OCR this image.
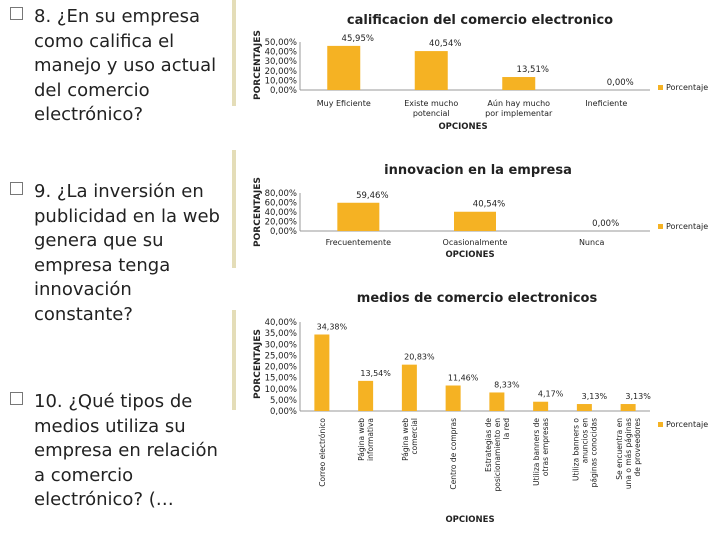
8. ¿En su empresa como califica el manejo y uso actual del comercio electrónico?
9. ¿La inversión en publicidad en la web genera que su empresa tenga innovación constante?
10. ¿Qué tipos de medios utiliza su empresa en relación a comercio electrónico? (…
calificacion del comercio electronico
PORCENTAJES
OPCIONES
0,00%
10,00%
20,00%
30,00%
40,00%
50,00%	45,95%
Muy Eficiente
40,54%
Existe mucho
potencial
13,51%
Aún hay mucho
por implementar
0,00%
Ineficiente
Porcentaje
innovacion en la empresa
PORCENTAJES
OPCIONES
0,00%
20,00%
40,00%
60,00%
80,00%	59,46%
Frecuentemente
40,54%
Ocasionalmente
0,00%
Nunca
Porcentaje
medios de comercio electronicos
PORCENTAJES
OPCIONES
0,00%
5,00%
10,00%
15,00%
20,00%
25,00%
30,00%
35,00%
40,00% 34,38%
Correo electrónico
13,54%
Página web informativa
20,83%
Página web comercial
11,46%
Centro de compras
8,33%
Estrategias de posicionamiento en la red
4,17%
Utiliza banners de otras empresas
3,13%
Utiliza banners o anuncios en páginas conocidas
3,13%
Se encuentra en una o más páginas de proveedores	Porcentaje
